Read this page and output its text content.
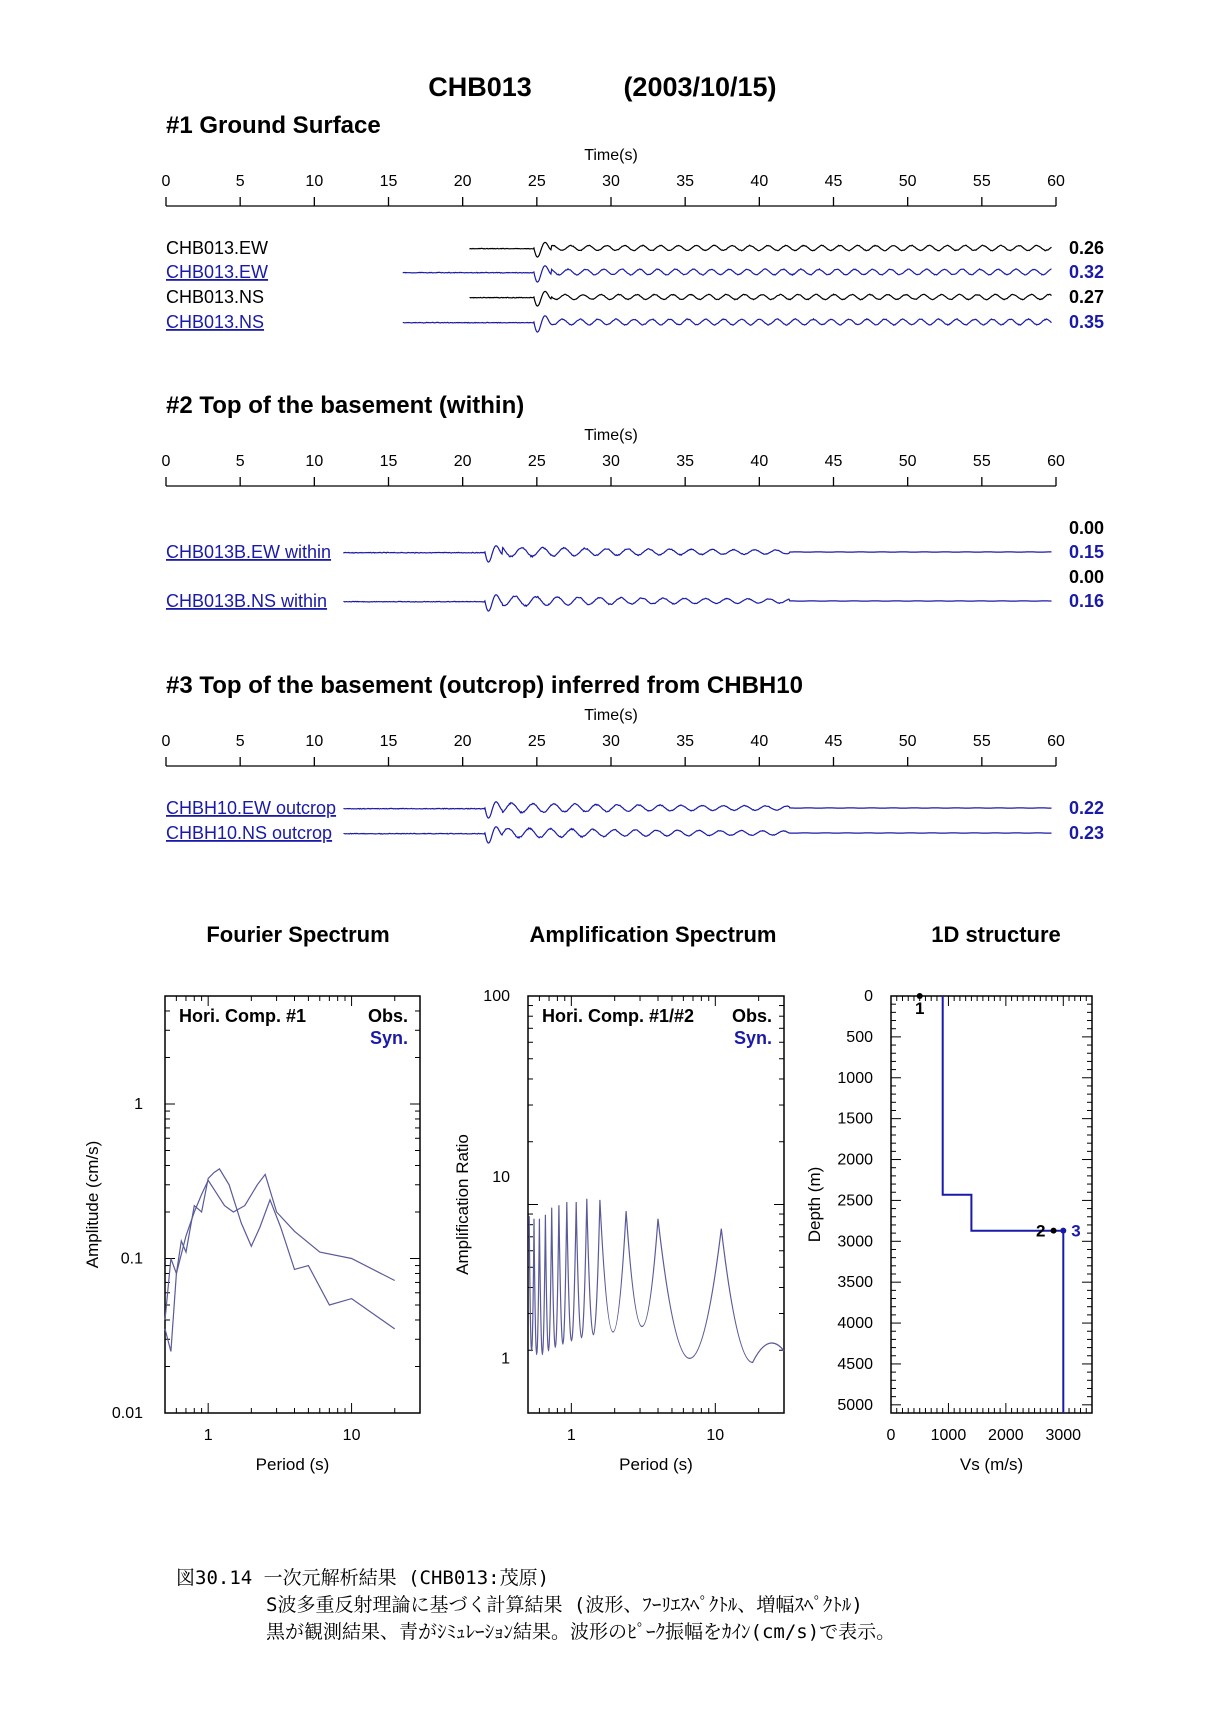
CHB013	(2003/10/15)
#1 Ground Surface
Time(s)
0	5	10	15	20	25	30	35	40	45	50	55	60
CHB013.EW	0.26
CHB013.EW	0.32
CHB013.NS	0.27
CHB013.NS	0.35
#2 Top of the basement (within)
Time(s)
0	5	10	15	20	25	30	35	40	45	50	55	60
0.00
CHB013B.EW within	0.15
0.00
CHB013B.NS within	0.16
#3 Top of the basement (outcrop) inferred from CHBH10
Time(s)
0	5	10	15	20	25	30	35	40	45	50	55	60
CHBH10.EW outcrop	0.22
CHBH10.NS outcrop	0.23
Fourier Spectrum
1	10
0.01
0.1
1
Period (s)
Amplitude (cm/s)
Hori. Comp. #1	Obs.
Syn.
Amplification Spectrum
1	10
1
10
100
Period (s)
Amplification Ratio
Hori. Comp. #1/#2 Obs.
Syn.
1D structure
0 1000 2000 3000
0
500
1000
1500
2000
2500
3000
3500
4000
4500
5000
Vs (m/s)
Depth (m)
1
2 3
図30.14 一次元解析結果 (CHB013:茂原)
S波多重反射理論に基づく計算結果 (波形、ﾌｰﾘｴｽﾍﾟｸﾄﾙ、増幅ｽﾍﾟｸﾄﾙ)
黒が観測結果、青がｼﾐｭﾚｰｼｮﾝ結果。波形のﾋﾟｰｸ振幅をｶｲﾝ(cm/s)で表示。
